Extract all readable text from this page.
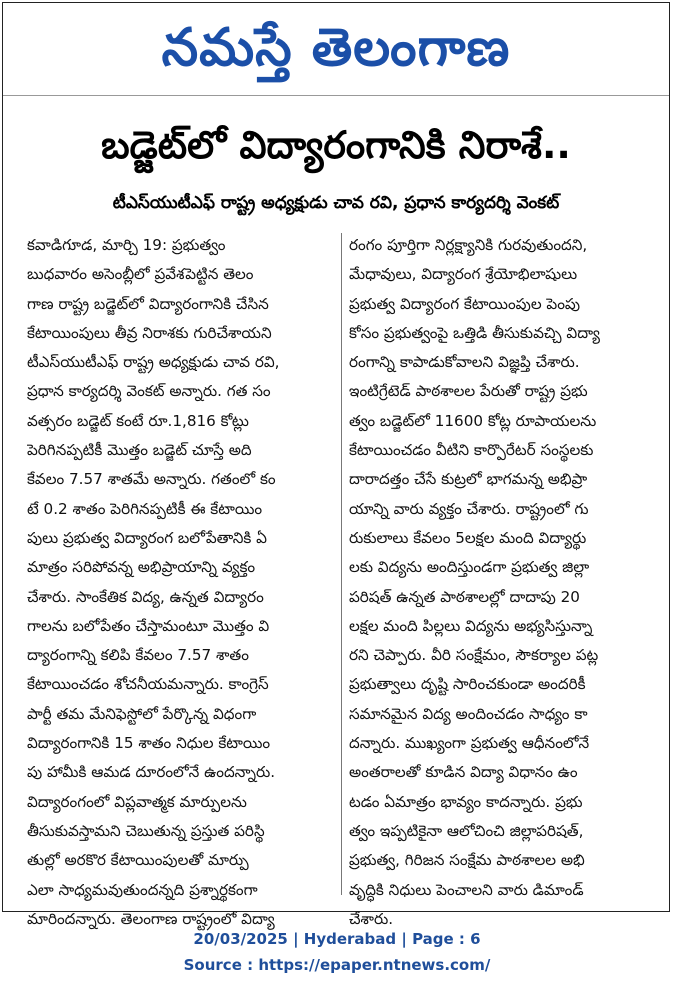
నమస్తే తెలంగాణ
బడ్జెట్‌లో విద్యారంగానికి నిరాశే..
టీఎస్‌యుటీఎఫ్ రాష్ట్ర అధ్యక్షుడు చావ రవి, ప్రధాన కార్యదర్శి వెంకట్
కవాడిగూడ, మార్చి 19: ప్రభుత్వం
బుధవారం అసెంబ్లీలో ప్రవేశపెట్టిన తెలం
గాణ రాష్ట్ర బడ్జెట్‌లో విద్యారంగానికి చేసిన
కేటాయింపులు తీవ్ర నిరాశకు గురిచేశాయని
టీఎస్‌యుటీఎఫ్ రాష్ట్ర అధ్యక్షుడు చావ రవి,
ప్రధాన కార్యదర్శి వెంకట్ అన్నారు. గత సం
వత్సరం బడ్జెట్ కంటే రూ.1,816 కోట్లు
పెరిగినప్పటికీ మొత్తం బడ్జెట్ చూస్తే అది
కేవలం 7.57 శాతమే అన్నారు. గతంలో కం
టే 0.2 శాతం పెరిగినప్పటికీ ఈ కేటాయిం
పులు ప్రభుత్వ విద్యారంగ బలోపేతానికి ఏ
మాత్రం సరిపోవన్న అభిప్రాయాన్ని వ్యక్తం
చేశారు. సాంకేతిక విద్య, ఉన్నత విద్యారం
గాలను బలోపేతం చేస్తామంటూ మొత్తం వి
ద్యారంగాన్ని కలిపి కేవలం 7.57 శాతం
కేటాయించడం శోచనీయమన్నారు. కాంగ్రెస్
పార్టీ తమ మేనిఫెస్టోలో పేర్కొన్న విధంగా
విద్యారంగానికి 15 శాతం నిధుల కేటాయిం
పు హామీకి ఆమడ దూరంలోనే ఉందన్నారు.
విద్యారంగంలో విప్లవాత్మక మార్పులను
తీసుకువస్తామని చెబుతున్న ప్రస్తుత పరిస్థి
తుల్లో అరకొర కేటాయింపులతో మార్పు
ఎలా సాధ్యమవుతుందన్నది ప్రశ్నార్థకంగా
మారిందన్నారు. తెలంగాణ రాష్ట్రంలో విద్యా
రంగం పూర్తిగా నిర్లక్ష్యానికి గురవుతుందని,
మేధావులు, విద్యారంగ శ్రేయోభిలాషులు
ప్రభుత్వ విద్యారంగ కేటాయింపుల పెంపు
కోసం ప్రభుత్వంపై ఒత్తిడి తీసుకువచ్చి విద్యా
రంగాన్ని కాపాడుకోవాలని విజ్ఞప్తి చేశారు.
ఇంటిగ్రేటెడ్ పాఠశాలల పేరుతో రాష్ట్ర ప్రభు
త్వం బడ్జెట్‌లో 11600 కోట్ల రూపాయలను
కేటాయించడం వీటిని కార్పొరేటర్ సంస్థలకు
దారాదత్తం చేసే కుట్రలో భాగమన్న అభిప్రా
యాన్ని వారు వ్యక్తం చేశారు. రాష్ట్రంలో గు
రుకులాలు కేవలం 5లక్షల మంది విద్యార్థు
లకు విద్యను అందిస్తుండగా ప్రభుత్వ జిల్లా
పరిషత్ ఉన్నత పాఠశాలల్లో దాదాపు 20
లక్షల మంది పిల్లలు విద్యను అభ్యసిస్తున్నా
రని చెప్పారు. వీరి సంక్షేమం, సౌకర్యాల పట్ల
ప్రభుత్వాలు దృష్టి సారించకుండా అందరికీ
సమానమైన విద్య అందించడం సాధ్యం కా
దన్నారు. ముఖ్యంగా ప్రభుత్వ ఆధీనంలోనే
అంతరాలతో కూడిన విద్యా విధానం ఉం
టడం ఏమాత్రం భావ్యం కాదన్నారు. ప్రభు
త్వం ఇప్పటికైనా ఆలోచించి జిల్లాపరిషత్,
ప్రభుత్వ, గిరిజన సంక్షేమ పాఠశాలల అభి
వృద్ధికి నిధులు పెంచాలని వారు డిమాండ్
చేశారు.
20/03/2025 | Hyderabad | Page : 6
Source : https://epaper.ntnews.com/
